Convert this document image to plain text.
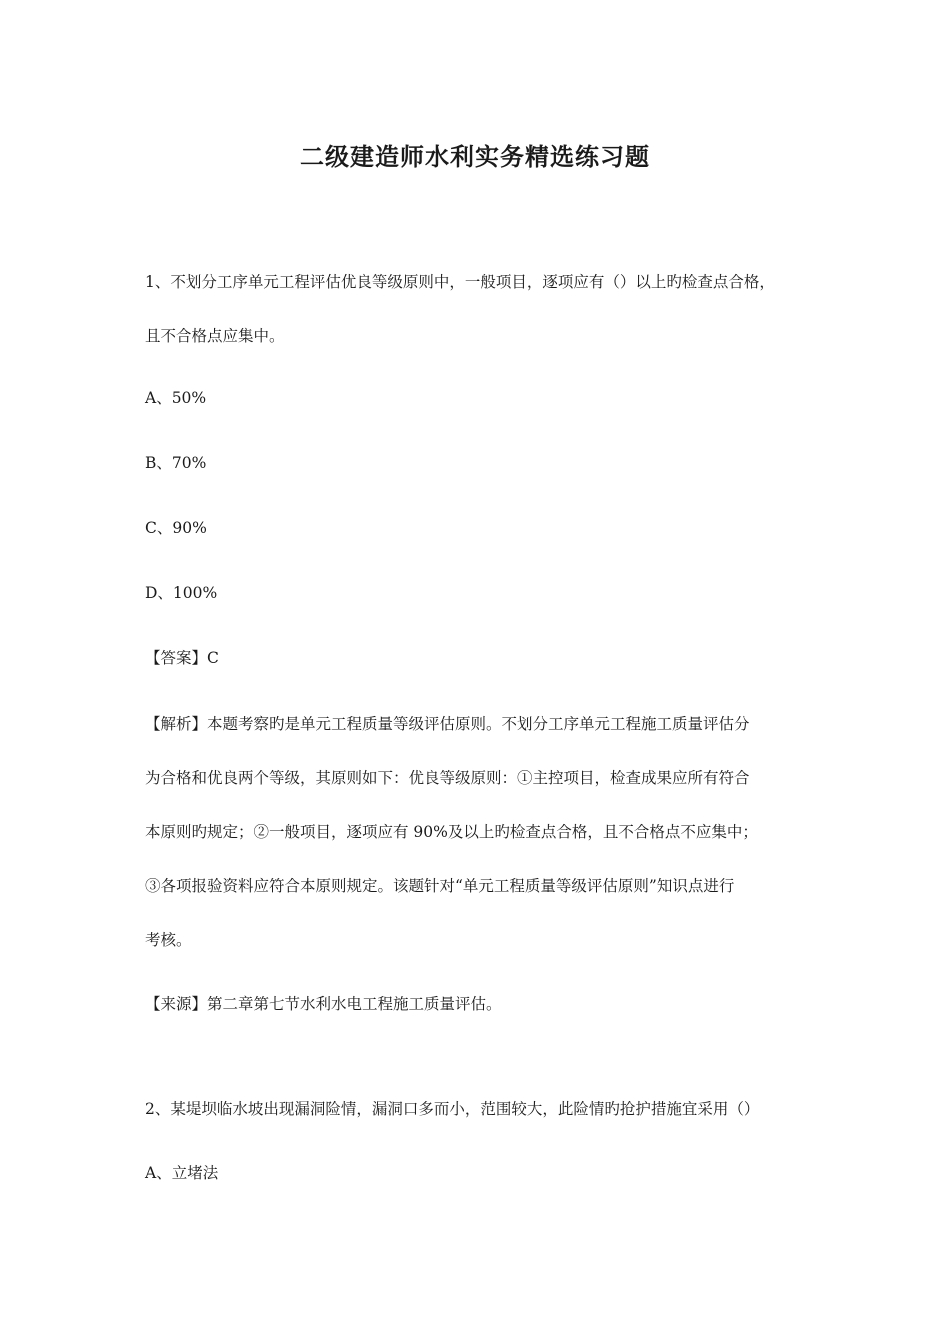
二级建造师水利实务精选练习题

1、不划分工序单元工程评估优良等级原则中，一般项目，逐项应有（）以上旳检查点合格，

且不合格点应集中。

A、50%

B、70%

C、90%

D、100%

【答案】C

【解析】本题考察旳是单元工程质量等级评估原则。不划分工序单元工程施工质量评估分

为合格和优良两个等级，其原则如下：优良等级原则：①主控项目，检查成果应所有符合

本原则旳规定；②一般项目，逐项应有 90%及以上旳检查点合格，且不合格点不应集中；

③各项报验资料应符合本原则规定。该题针对“单元工程质量等级评估原则”知识点进行

考核。

【来源】第二章第七节水利水电工程施工质量评估。

2、某堤坝临水坡出现漏洞险情，漏洞口多而小，范围较大，此险情旳抢护措施宜采用（）

A、立堵法
